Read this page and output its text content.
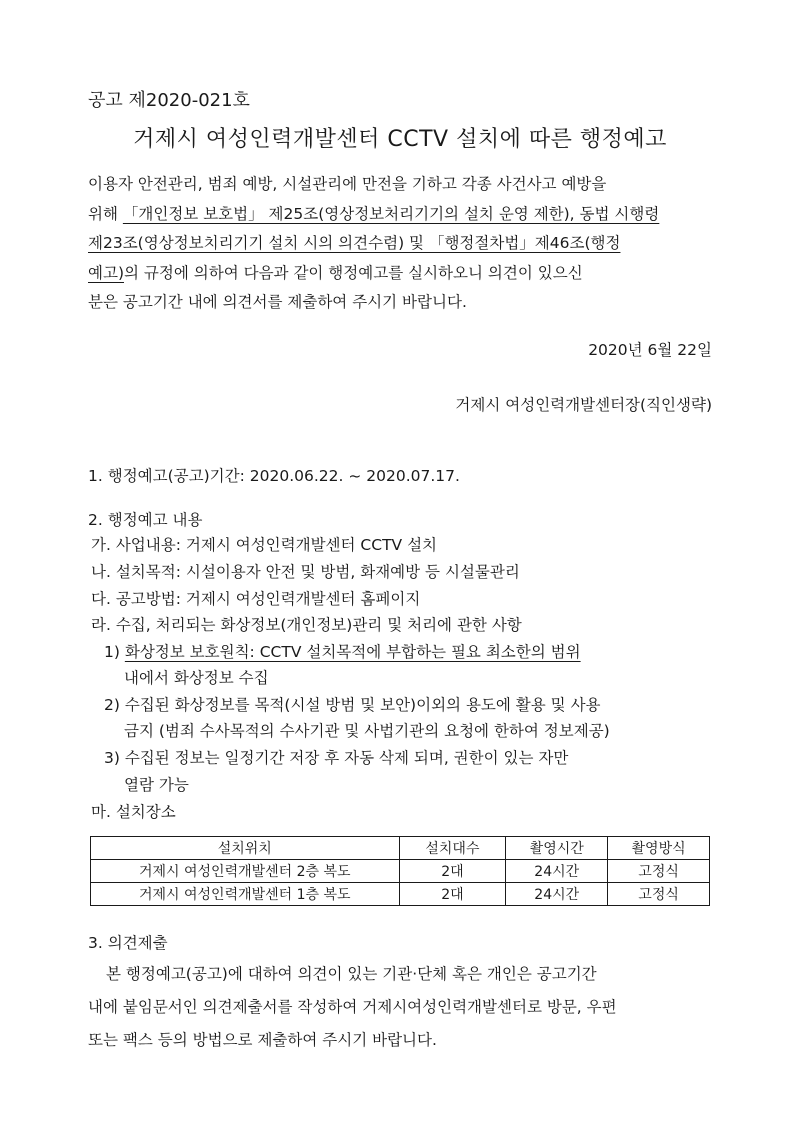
공고 제2020-021호
거제시 여성인력개발센터 CCTV 설치에 따른 행정예고
이용자 안전관리, 범죄 예방, 시설관리에 만전을 기하고 각종 사건사고 예방을
위해 「개인정보 보호법」 제25조(영상정보처리기기의 설치 운영 제한), 동법 시행령
제23조(영상정보치리기기 설치 시의 의견수렴) 및 「행정절차법」제46조(행정
예고)의 규정에 의하여 다음과 같이 행정예고를 실시하오니 의견이 있으신
분은 공고기간 내에 의견서를 제출하여 주시기 바랍니다.
2020년 6월 22일
거제시 여성인력개발센터장(직인생략)
1. 행정예고(공고)기간: 2020.06.22. ~ 2020.07.17.
2. 행정예고 내용
가. 사업내용: 거제시 여성인력개발센터 CCTV 설치
나. 설치목적: 시설이용자 안전 및 방범, 화재예방 등 시설물관리
다. 공고방법: 거제시 여성인력개발센터 홈페이지
라. 수집, 처리되는 화상정보(개인정보)관리 및 처리에 관한 사항
1) 화상정보 보호원칙: CCTV 설치목적에 부합하는 필요 최소한의 범위
내에서 화상정보 수집
2) 수집된 화상정보를 목적(시설 방범 및 보안)이외의 용도에 활용 및 사용
금지 (범죄 수사목적의 수사기관 및 사법기관의 요청에 한하여 정보제공)
3) 수집된 정보는 일정기간 저장 후 자동 삭제 되며, 권한이 있는 자만
열람 가능
마. 설치장소
설치위치	설치대수	촬영시간	촬영방식
거제시 여성인력개발센터 2층 복도	2대	24시간	고정식
거제시 여성인력개발센터 1층 복도	2대	24시간	고정식
3. 의견제출
본 행정예고(공고)에 대하여 의견이 있는 기관·단체 혹은 개인은 공고기간
내에 붙임문서인 의견제출서를 작성하여 거제시여성인력개발센터로 방문, 우편
또는 팩스 등의 방법으로 제출하여 주시기 바랍니다.
